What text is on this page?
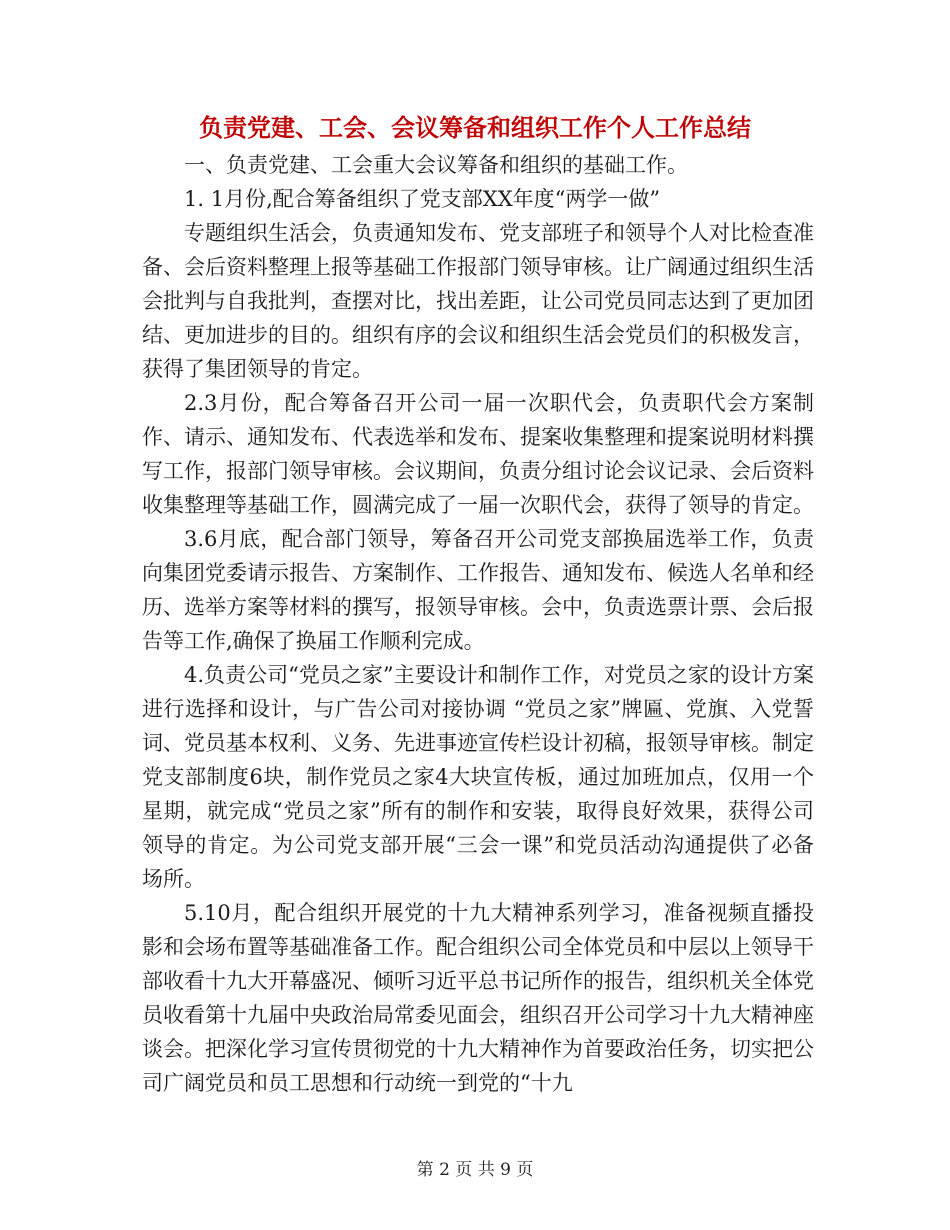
负责党建、工会、会议筹备和组织工作个人工作总结

一、负责党建、工会重大会议筹备和组织的基础工作。

1. 1月份,配合筹备组织了党支部XX年度“两学一做”

专题组织生活会，负责通知发布、党支部班子和领导个人对比检查准备、会后资料整理上报等基础工作报部门领导审核。让广阔通过组织生活会批判与自我批判，查摆对比，找出差距，让公司党员同志达到了更加团结、更加进步的目的。组织有序的会议和组织生活会党员们的积极发言，获得了集团领导的肯定。

2.3月份，配合筹备召开公司一届一次职代会，负责职代会方案制作、请示、通知发布、代表选举和发布、提案收集整理和提案说明材料撰写工作，报部门领导审核。会议期间，负责分组讨论会议记录、会后资料收集整理等基础工作，圆满完成了一届一次职代会，获得了领导的肯定。

3.6月底，配合部门领导，筹备召开公司党支部换届选举工作，负责向集团党委请示报告、方案制作、工作报告、通知发布、候选人名单和经历、选举方案等材料的撰写，报领导审核。会中，负责选票计票、会后报告等工作,确保了换届工作顺利完成。

4.负责公司“党员之家”主要设计和制作工作，对党员之家的设计方案进行选择和设计，与广告公司对接协调 “党员之家”牌匾、党旗、入党誓词、党员基本权利、义务、先进事迹宣传栏设计初稿，报领导审核。制定党支部制度6块，制作党员之家4大块宣传板，通过加班加点，仅用一个星期，就完成“党员之家”所有的制作和安装，取得良好效果，获得公司领导的肯定。为公司党支部开展“三会一课”和党员活动沟通提供了必备场所。

5.10月，配合组织开展党的十九大精神系列学习，准备视频直播投影和会场布置等基础准备工作。配合组织公司全体党员和中层以上领导干部收看十九大开幕盛况、倾听习近平总书记所作的报告，组织机关全体党员收看第十九届中央政治局常委见面会，组织召开公司学习十九大精神座谈会。把深化学习宣传贯彻党的十九大精神作为首要政治任务，切实把公司广阔党员和员工思想和行动统一到党的“十九

第 2 页 共 9 页
